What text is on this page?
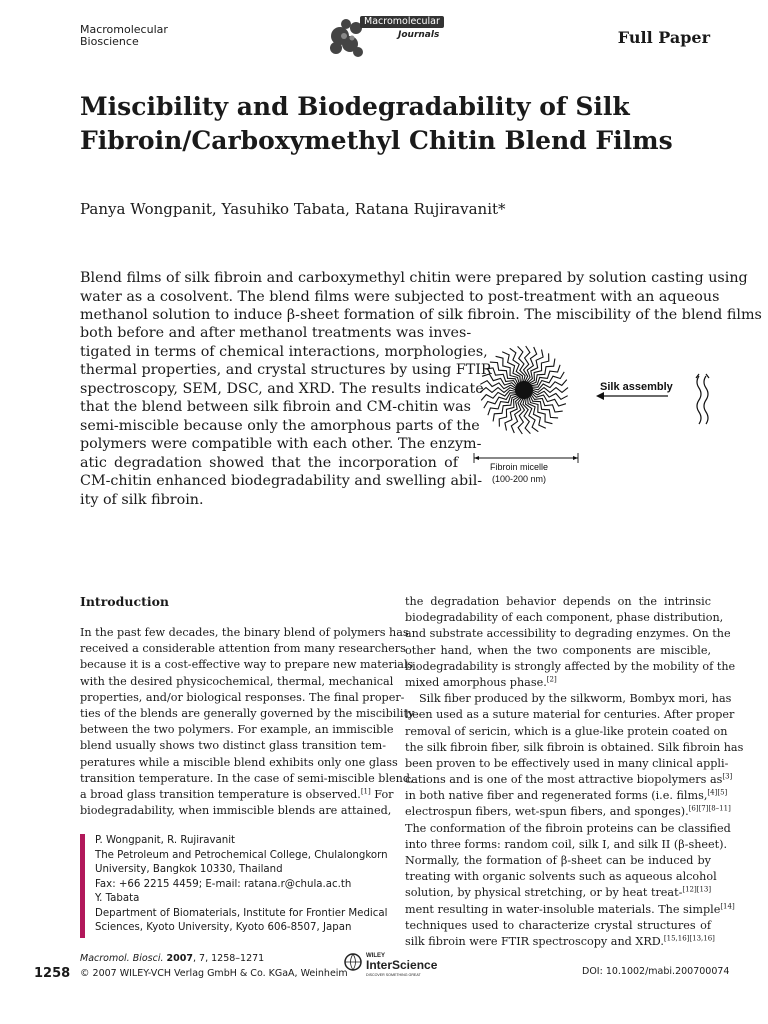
Macromolecular
Bioscience
Macromolecular
Journals	Full Paper
Miscibility and Biodegradability of Silk
Fibroin/Carboxymethyl Chitin Blend Films
Panya Wongpanit, Yasuhiko Tabata, Ratana Rujiravanit*
Blend films of silk fibroin and carboxymethyl chitin were prepared by solution casting using
water as a cosolvent. The blend films were subjected to post-treatment with an aqueous
methanol solution to induce β-sheet formation of silk fibroin. The miscibility of the blend films
both before and after methanol treatments was inves-
tigated in terms of chemical interactions, morphologies,
thermal properties, and crystal structures by using FTIR
spectroscopy, SEM, DSC, and XRD. The results indicate
that the blend between silk fibroin and CM-chitin was
semi-miscible because only the amorphous parts of the
polymers were compatible with each other. The enzym-
atic degradation showed that the incorporation of
CM-chitin enhanced biodegradability and swelling abil-
ity of silk fibroin.
Silk assembly
Fibroin micelle
(100-200 nm)
Introduction
In the past few decades, the binary blend of polymers has
received a considerable attention from many researchers
because it is a cost-effective way to prepare new materials
with the desired physicochemical, thermal, mechanical
properties, and/or biological responses. The final proper-
ties of the blends are generally governed by the miscibility
between the two polymers. For example, an immiscible
blend usually shows two distinct glass transition tem-
peratures while a miscible blend exhibits only one glass
transition temperature. In the case of semi-miscible blend,
a broad glass transition temperature is observed.[1] For
biodegradability, when immiscible blends are attained,
the degradation behavior depends on the intrinsic
biodegradability of each component, phase distribution,
and substrate accessibility to degrading enzymes. On the
other hand, when the two components are miscible,
biodegradability is strongly affected by the mobility of the
mixed amorphous phase.[2]
Silk fiber produced by the silkworm, Bombyx mori, has
been used as a suture material for centuries. After proper
removal of sericin, which is a glue-like protein coated on
the silk fibroin fiber, silk fibroin is obtained. Silk fibroin has
been proven to be effectively used in many clinical appli-
cations and is one of the most attractive biopolymers as[3]
in both native fiber and regenerated forms (i.e. films,[4][5]
electrospun fibers, wet-spun fibers, and sponges).[6][7][8–11]
The conformation of the fibroin proteins can be classified
into three forms: random coil, silk I, and silk II (β-sheet).
Normally, the formation of β-sheet can be induced by
treating with organic solvents such as aqueous alcohol
solution, by physical stretching, or by heat treat-[12][13]
ment resulting in water-insoluble materials. The simple[14]
techniques used to characterize crystal structures of
silk fibroin were FTIR spectroscopy and XRD.[15,16][13,16]
P. Wongpanit, R. Rujiravanit
The Petroleum and Petrochemical College, Chulalongkorn
University, Bangkok 10330, Thailand
Fax: +66 2215 4459; E-mail: ratana.r@chula.ac.th
Y. Tabata
Department of Biomaterials, Institute for Frontier Medical
Sciences, Kyoto University, Kyoto 606-8507, Japan
1258
Macromol. Biosci. 2007, 7, 1258–1271
© 2007 WILEY-VCH Verlag GmbH & Co. KGaA, Weinheim
WILEY
InterScience
DISCOVER SOMETHING GREAT	DOI: 10.1002/mabi.200700074
